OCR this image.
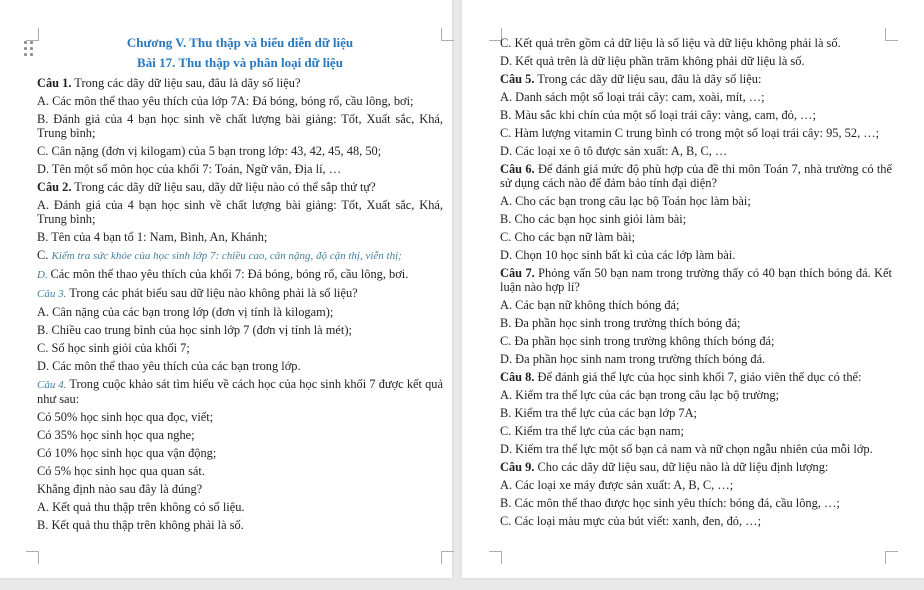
Chương V. Thu thập và biểu diễn dữ liệu

Bài 17. Thu thập và phân loại dữ liệu

Câu 1. Trong các dãy dữ liệu sau, đâu là dãy số liệu?

A. Các môn thể thao yêu thích của lớp 7A: Đá bóng, bóng rổ, cầu lông, bơi;

B. Đánh giá của 4 bạn học sinh về chất lượng bài giảng: Tốt, Xuất sắc, Khá, Trung bình;

C. Cân nặng (đơn vị kilogam) của 5 bạn trong lớp: 43, 42, 45, 48, 50;

D. Tên một số môn học của khối 7: Toán, Ngữ văn, Địa lí, …

Câu 2. Trong các dãy dữ liệu sau, dãy dữ liệu nào có thể sắp thứ tự?

A. Đánh giá của 4 bạn học sinh về chất lượng bài giảng: Tốt, Xuất sắc, Khá, Trung bình;

B. Tên của 4 bạn tổ 1: Nam, Bình, An, Khánh;

C. Kiểm tra sức khỏe của học sinh lớp 7: chiều cao, cân nặng, độ cận thị, viễn thị;

D. Các môn thể thao yêu thích của khối 7: Đá bóng, bóng rổ, cầu lông, bơi.

Câu 3. Trong các phát biểu sau dữ liệu nào không phải là số liệu?

A. Cân nặng của các bạn trong lớp (đơn vị tính là kilogam);

B. Chiều cao trung bình của học sinh lớp 7 (đơn vị tính là mét);

C. Số học sinh giỏi của khối 7;

D. Các môn thể thao yêu thích của các bạn trong lớp.

Câu 4. Trong cuộc khảo sát tìm hiểu về cách học của học sinh khối 7 được kết quả như sau:

Có 50% học sinh học qua đọc, viết;

Có 35% học sinh học qua nghe;

Có 10% học sinh học qua vận động;

Có 5% học sinh học qua quan sát.

Khẳng định nào sau đây là đúng?

A. Kết quả thu thập trên không có số liệu.

B. Kết quả thu thập trên không phải là số.

C. Kết quả trên gồm cả dữ liệu là số liệu và dữ liệu không phải là số.

D. Kết quả trên là dữ liệu phần trăm không phải dữ liệu là số.

Câu 5. Trong các dãy dữ liệu sau, đâu là dãy số liệu:

A. Danh sách một số loại trái cây: cam, xoài, mít, …;

B. Màu sắc khi chín của một số loại trái cây: vàng, cam, đỏ, …;

C. Hàm lượng vitamin C trung bình có trong một số loại trái cây: 95, 52, …;

D. Các loại xe ô tô được sản xuất: A, B, C, …

Câu 6. Để đánh giá mức độ phù hợp của đề thi môn Toán 7, nhà trường có thể sử dụng cách nào để đảm bảo tính đại diện?

A. Cho các bạn trong câu lạc bộ Toán học làm bài;

B. Cho các bạn học sinh giỏi làm bài;

C. Cho các bạn nữ làm bài;

D. Chọn 10 học sinh bất kì của các lớp làm bài.

Câu 7. Phỏng vấn 50 bạn nam trong trường thấy có 40 bạn thích bóng đá. Kết luận nào hợp lí?

A. Các bạn nữ không thích bóng đá;

B. Đa phần học sinh trong trường thích bóng đá;

C. Đa phần học sinh trong trường không thích bóng đá;

D. Đa phần học sinh nam trong trường thích bóng đá.

Câu 8. Để đánh giá thể lực của học sinh khối 7, giáo viên thể dục có thể:

A. Kiểm tra thể lực của các bạn trong câu lạc bộ trường;

B. Kiểm tra thể lực của các bạn lớp 7A;

C. Kiểm tra thể lực của các bạn nam;

D. Kiểm tra thể lực một số bạn cả nam và nữ chọn ngẫu nhiên của mỗi lớp.

Câu 9. Cho các dãy dữ liệu sau, dữ liệu nào là dữ liệu định lượng:

A. Các loại xe máy được sản xuất: A, B, C, …;

B. Các môn thể thao được học sinh yêu thích: bóng đá, cầu lông, …;

C. Các loại màu mực của bút viết: xanh, đen, đỏ, …;
